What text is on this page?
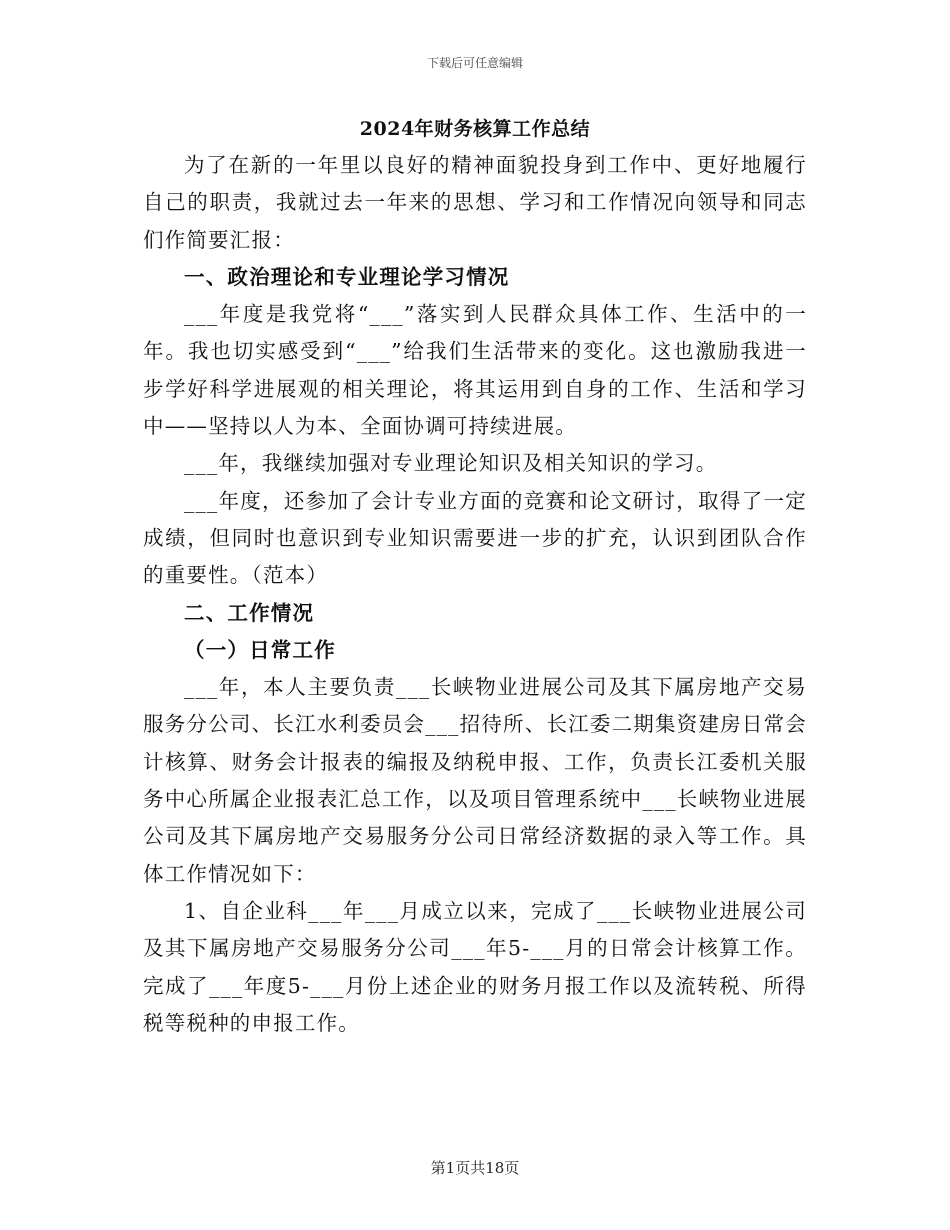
下载后可任意编辑
2024年财务核算工作总结

为了在新的一年里以良好的精神面貌投身到工作中、更好地履行自己的职责，我就过去一年来的思想、学习和工作情况向领导和同志们作简要汇报：

一、政治理论和专业理论学习情况

___年度是我党将“___”落实到人民群众具体工作、生活中的一年。我也切实感受到“___”给我们生活带来的变化。这也激励我进一步学好科学进展观的相关理论，将其运用到自身的工作、生活和学习中——坚持以人为本、全面协调可持续进展。

___年，我继续加强对专业理论知识及相关知识的学习。

___年度，还参加了会计专业方面的竞赛和论文研讨，取得了一定成绩，但同时也意识到专业知识需要进一步的扩充，认识到团队合作的重要性。（范本）

二、工作情况
（一）日常工作

___年，本人主要负责___长峡物业进展公司及其下属房地产交易服务分公司、长江水利委员会___招待所、长江委二期集资建房日常会计核算、财务会计报表的编报及纳税申报、工作，负责长江委机关服务中心所属企业报表汇总工作，以及项目管理系统中___长峡物业进展公司及其下属房地产交易服务分公司日常经济数据的录入等工作。具体工作情况如下：

1、自企业科___年___月成立以来，完成了___长峡物业进展公司及其下属房地产交易服务分公司___年5-___月的日常会计核算工作。完成了___年度5-___月份上述企业的财务月报工作以及流转税、所得税等税种的申报工作。

第1页共18页
